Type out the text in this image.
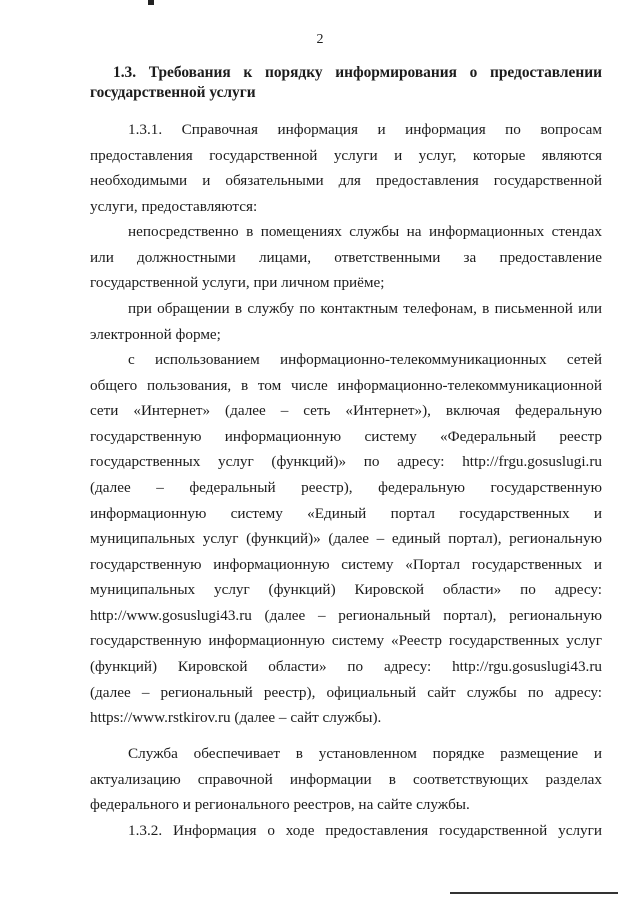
2
1.3. Требования к порядку информирования о предоставлении
государственной услуги
1.3.1. Справочная информация и информация по вопросам
предоставления государственной услуги и услуг, которые являются
необходимыми и обязательными для предоставления государственной
услуги, предоставляются:
непосредственно в помещениях службы на информационных стендах
или должностными лицами, ответственными за предоставление
государственной услуги, при личном приёме;
при обращении в службу по контактным телефонам, в письменной или
электронной форме;
с использованием информационно-телекоммуникационных сетей
общего пользования, в том числе информационно-телекоммуникационной
сети «Интернет» (далее – сеть «Интернет»), включая федеральную
государственную информационную систему «Федеральный реестр
государственных услуг (функций)» по адресу: http://frgu.gosuslugi.ru
(далее – федеральный реестр), федеральную государственную
информационную систему «Единый портал государственных и
муниципальных услуг (функций)» (далее – единый портал), региональную
государственную информационную систему «Портал государственных и
муниципальных услуг (функций) Кировской области» по адресу:
http://www.gosuslugi43.ru (далее – региональный портал), региональную
государственную информационную систему «Реестр государственных услуг
(функций) Кировской области» по адресу: http://rgu.gosuslugi43.ru
(далее – региональный реестр), официальный сайт службы по адресу:
https://www.rstkirov.ru (далее – сайт службы).
Служба обеспечивает в установленном порядке размещение и
актуализацию справочной информации в соответствующих разделах
федерального и регионального реестров, на сайте службы.
1.3.2. Информация о ходе предоставления государственной услуги
